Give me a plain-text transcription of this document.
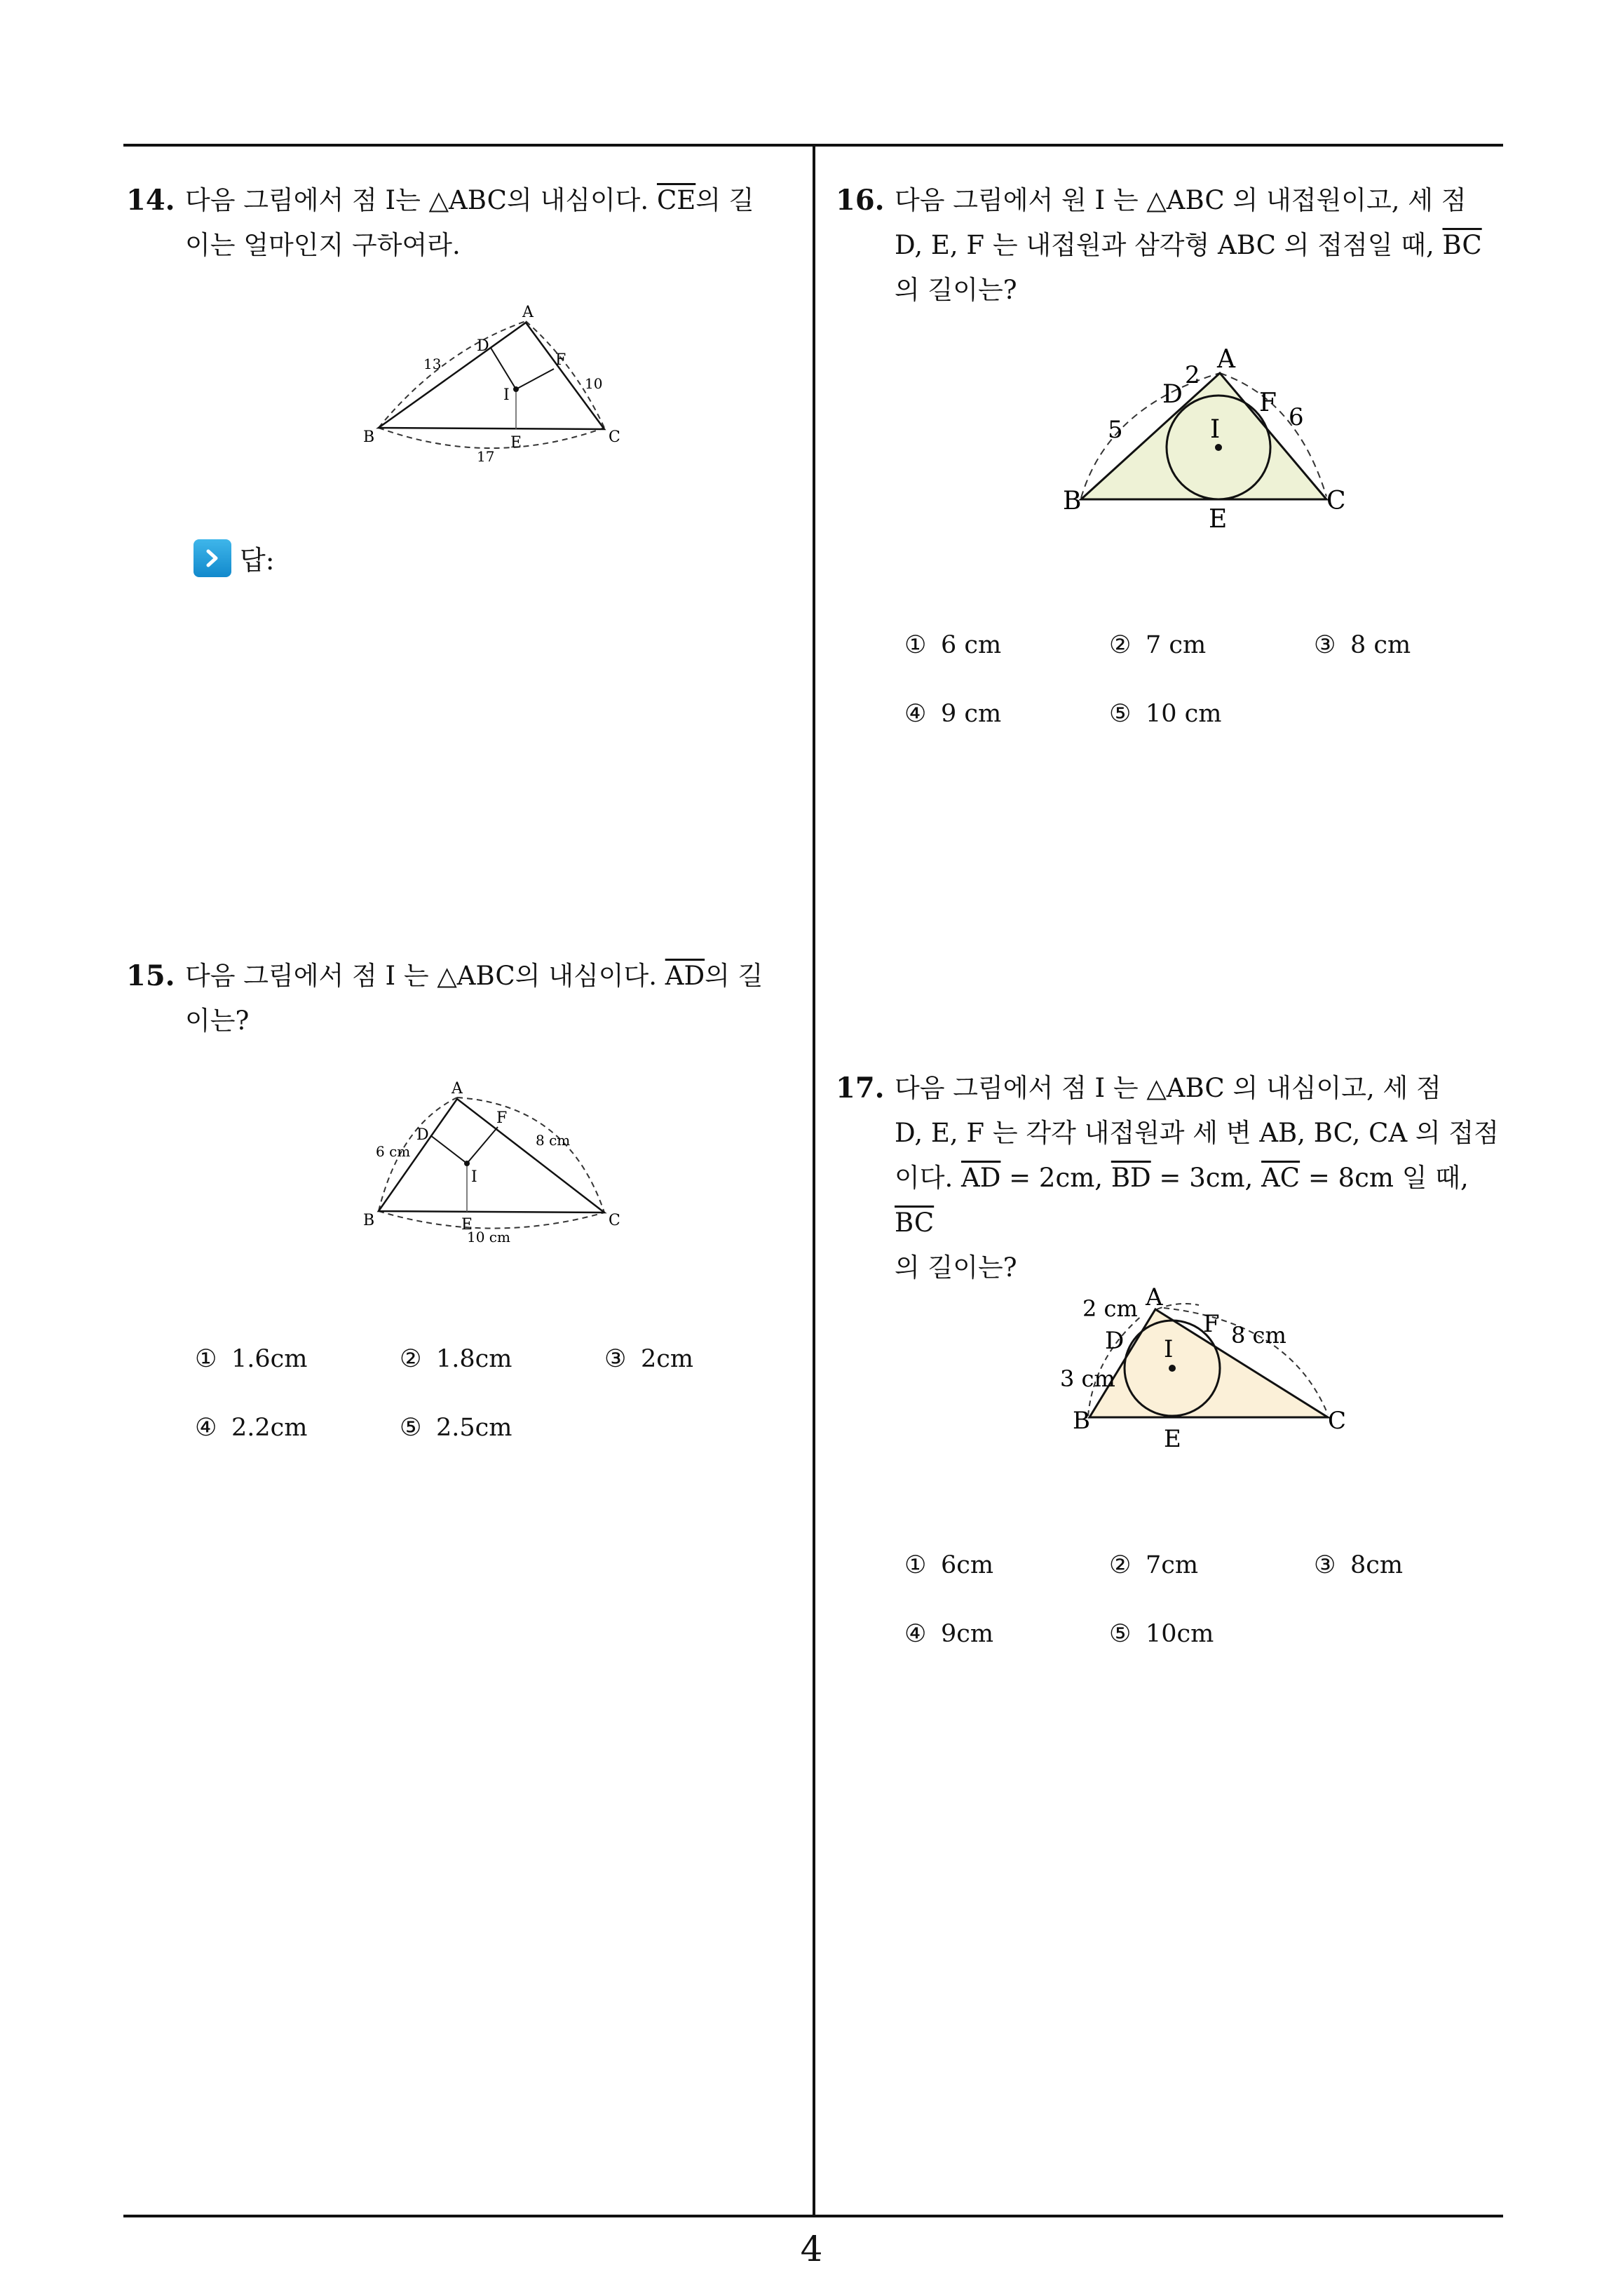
14. 다음 그림에서 점 I는 △ABC의 내심이다. $\overline{CE}$의 길
이는 얼마인지 구하여라.
A
B	C
D
E
F
I
13
10
17
답:
15. 다음 그림에서 점 I 는 △ABC의 내심이다. $\overline{AD}$의 길
이는?
A
B	C
D
E
F
I
6 cm
8 cm
10 cm
① 1.6cm	② 1.8cm	③ 2cm
④ 2.2cm	⑤ 2.5cm
16. 다음 그림에서 원 I 는 △ABC 의 내접원이고, 세 점
D, E, F 는 내접원과 삼각형 ABC 의 접점일 때, $\overline{BC}$
의 길이는?
A
B	C
D
E
F
I
2
5	6
① 6 cm	② 7 cm	③ 8 cm
④ 9 cm	⑤ 10 cm
17. 다음 그림에서 점 I 는 △ABC 의 내심이고, 세 점
D, E, F 는 각각 내접원과 세 변 AB, BC, CA 의 접점
이다. $\overline{AD} = 2cm$, $\overline{BD} = 3cm$, $\overline{AC} = 8cm$ 일 때, $\overline{BC}$
의 길이는?
A
B	C
D
E
F
I
2 cm
3 cm
8 cm
① 6cm	② 7cm	③ 8cm
④ 9cm	⑤ 10cm
4
